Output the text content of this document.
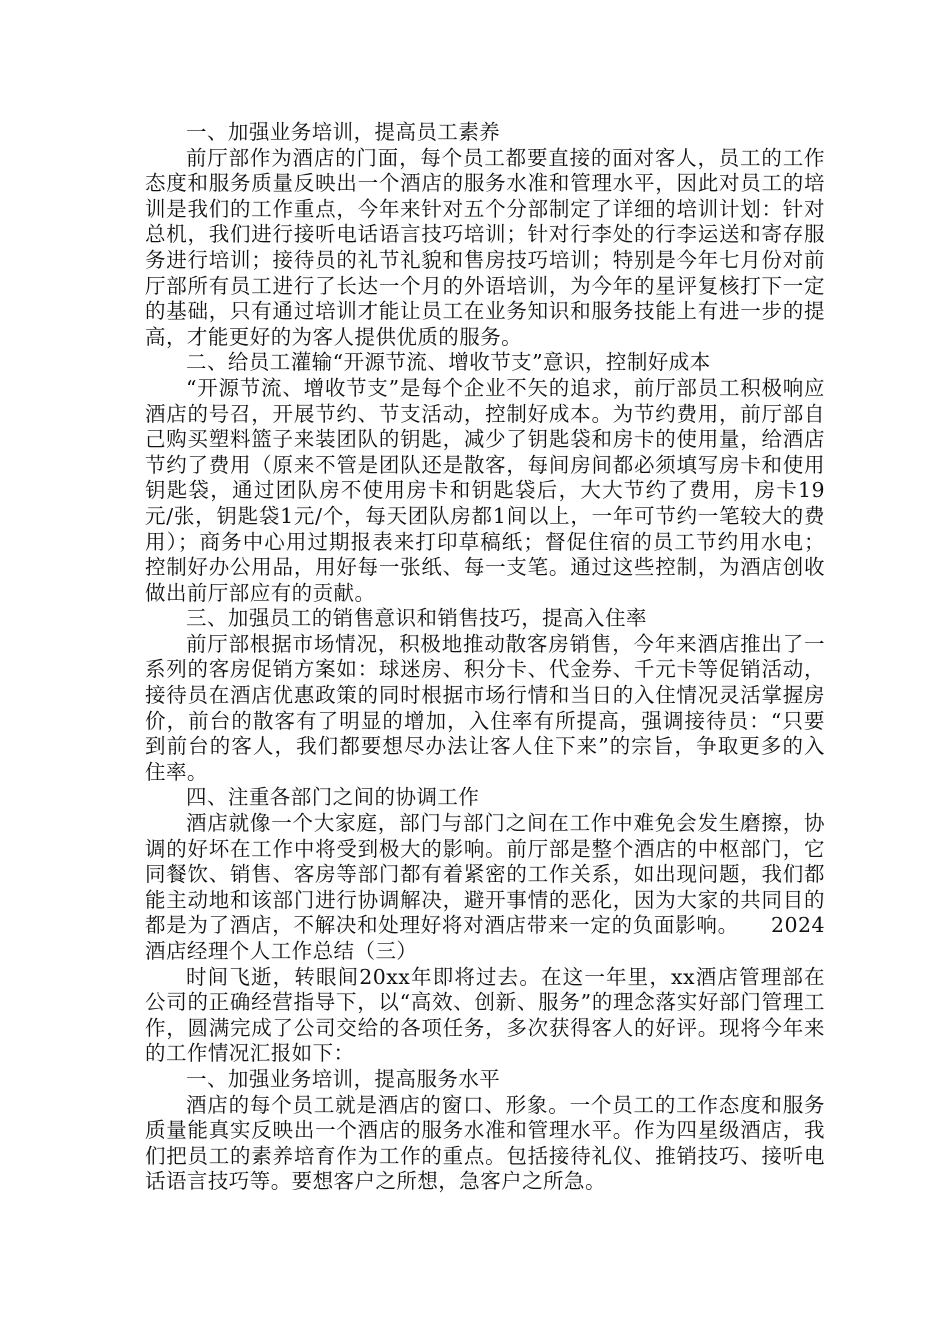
一、加强业务培训，提高员工素养

前厅部作为酒店的门面，每个员工都要直接的面对客人，员工的工作态度和服务质量反映出一个酒店的服务水准和管理水平，因此对员工的培训是我们的工作重点，今年来针对五个分部制定了详细的培训计划：针对总机，我们进行接听电话语言技巧培训；针对行李处的行李运送和寄存服务进行培训；接待员的礼节礼貌和售房技巧培训；特别是今年七月份对前厅部所有员工进行了长达一个月的外语培训，为今年的星评复核打下一定的基础，只有通过培训才能让员工在业务知识和服务技能上有进一步的提高，才能更好的为客人提供优质的服务。

二、给员工灌输“开源节流、增收节支”意识，控制好成本

“开源节流、增收节支”是每个企业不矢的追求，前厅部员工积极响应酒店的号召，开展节约、节支活动，控制好成本。为节约费用，前厅部自己购买塑料篮子来装团队的钥匙，减少了钥匙袋和房卡的使用量，给酒店节约了费用（原来不管是团队还是散客，每间房间都必须填写房卡和使用钥匙袋，通过团队房不使用房卡和钥匙袋后，大大节约了费用，房卡19元/张，钥匙袋1元/个，每天团队房都1间以上，一年可节约一笔较大的费用）；商务中心用过期报表来打印草稿纸；督促住宿的员工节约用水电；控制好办公用品，用好每一张纸、每一支笔。通过这些控制，为酒店创收做出前厅部应有的贡献。

三、加强员工的销售意识和销售技巧，提高入住率

前厅部根据市场情况，积极地推动散客房销售，今年来酒店推出了一系列的客房促销方案如：球迷房、积分卡、代金券、千元卡等促销活动，接待员在酒店优惠政策的同时根据市场行情和当日的入住情况灵活掌握房价，前台的散客有了明显的增加，入住率有所提高，强调接待员：“只要到前台的客人，我们都要想尽办法让客人住下来”的宗旨，争取更多的入住率。

四、注重各部门之间的协调工作

酒店就像一个大家庭，部门与部门之间在工作中难免会发生磨擦，协调的好坏在工作中将受到极大的影响。前厅部是整个酒店的中枢部门，它同餐饮、销售、客房等部门都有着紧密的工作关系，如出现问题，我们都能主动地和该部门进行协调解决，避开事情的恶化，因为大家的共同目的都是为了酒店，不解决和处理好将对酒店带来一定的负面影响。　　2024酒店经理个人工作总结（三）

时间飞逝，转眼间20xx年即将过去。在这一年里，xx酒店管理部在公司的正确经营指导下，以“高效、创新、服务”的理念落实好部门管理工作，圆满完成了公司交给的各项任务，多次获得客人的好评。现将今年来的工作情况汇报如下：

一、加强业务培训，提高服务水平

酒店的每个员工就是酒店的窗口、形象。一个员工的工作态度和服务质量能真实反映出一个酒店的服务水准和管理水平。作为四星级酒店，我们把员工的素养培育作为工作的重点。包括接待礼仪、推销技巧、接听电话语言技巧等。要想客户之所想，急客户之所急。
